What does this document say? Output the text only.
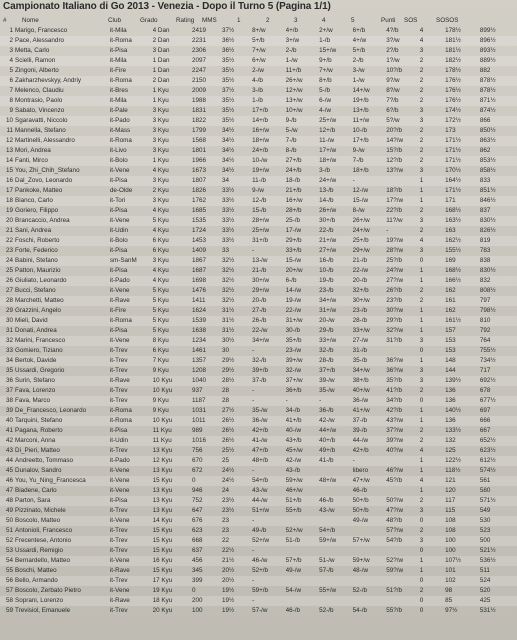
Campionato Italiano di Go 2013 - Venezia - Dopo il Turno 5 (Pagina 1/1)
# Nome	Club	Grado	Rating MMS	1	2	3	4	5	Punti SOS	SOSOS
1	Marigo, Francesco	it-Mila	4 Dan	2419	37½	8+/w	4+/b	2+/w	6+/b	4?/b	4	178½	899½
2	Pace, Alessandro	it-Roma	2 Dan	2231	36½	5+/b	3+/w	1-/b	4+/w	3?/w	4	181½	896½
3	Metta, Carlo	it-Pisa	3 Dan	2306	36½	7+/w	2-/b	15+/w	5+/b	2?/b	3	181½	893½
4	Scielli, Ramon	it-Mila	1 Dan	2097	35½	6+/w	1-/w	9+/b	2-/b	1?/w	2	182½	889½
5	Zingoni, Alberto	it-Fire	1 Dan	2247	35½	2-/w	11+/b	7+/w	3-/w	10?/b	2	178½	882
6	Zakharzhevskyy, Andriy	it-Roma	2 Dan	2150	35½	4-/b	26+/w	8+/b	1-/w	9?/w	2	176½	878½
7	Melenco, Claudiu	it-Bres	1 Kyu	2009	37½	3-/b	12+/w	5-/b	14+/w	8?/w	2	176½	878½
8	Montrasio, Paolo	it-Mila	1 Kyu	1988	35½	1-/b	13+/w	6-/w	19+/b	7?/b	2	176½	871½
9	Sabato, Vincenzo	it-Pale	3 Kyu	1831	35½	17+/b	10+/w	4-/w	13+/b	6?/b	3	174½	874½
10	Sgaravatti, Niccolo	it-Pado	3 Kyu	1822	35½	14+/b	9-/b	25+/w	11+/w	5?/w	3	172½	866
11	Mannella, Stefano	it-Mass	3 Kyu	1799	34½	16+/w	5-/w	12+/b	10-/b	20?/b	2	173	850½
12	Martinelli, Alessandro	it-Roma	3 Kyu	1568	34½	18+/w	7-/b	11-/w	17+/b	14?/w	2	171½	863½
13	Mori, Andrea	it-Livo	3 Kyu	1801	34½	24+/b	8-/b	17+/w	9-/w	15?/b	2	171½	862
14	Fanti, Mirco	it-Bolo	1 Kyu	1966	34½	10-/w	27+/b	18+/w	7-/b	12?/b	2	171½	853½
15	You, Zhi_Chih_Stefano	it-Vene	4 Kyu	1673	34½	19+/w	24+/b	3-/b	18+/b	13?/w	3	170½	858½
16	Dal_Zovo, Leonardo	it-Pisa	3 Kyu	1807	34	11-/b	18-/b	24+/w	-		1	164½	833
17	Pankoke, Matteo	de-Olde	2 Kyu	1826	33½	9-/w	21+/b	13-/b	12-/w	18?/b	1	171½	851½
18	Bianco, Carlo	it-Tori	3 Kyu	1762	33½	12-/b	16+/w	14-/b	15-/w	17?/w	1	171	846½
19	Goriero, Filippo	it-Pisa	4 Kyu	1685	33½	15-/b	28+/b	26+/w	8-/w	22?/b	2	168½	837
20	Brancaccio, Andrea	it-Vene	5 Kyu	1535	33½	28+/w	25-/b	30+/b	26+/w	11?/w	3	163½	830½
21	Sani, Andrea	it-Udin	4 Kyu	1724	33½	25+/w	17-/w	22-/b	24+/w	-	2	163	826½
22	Foschi, Roberto	it-Bolo	6 Kyu	1453	33½	31+/b	29+/b	21+/w	25+/b	19?/w	4	162½	819
23	Forte, Federico	it-Pisa	6 Kyu	1409	33	-	33+/b	27+/w	29+/w	28?/w	3	155½	783
24	Babini, Stefano	sm-SanM	3 Kyu	1867	32½	13-/w	15-/w	16-/b	21-/b	25?/b	0	169	838
25	Patton, Maurizio	it-Pisa	4 Kyu	1687	32½	21-/b	20+/w	10-/b	22-/w	24?/w	1	168½	830½
26	Giuliato, Leonardo	it-Pado	4 Kyu	1698	32½	30+/w	6-/b	19-/b	20-/b	27?/w	1	166½	832
27	Bucci, Stefano	it-Vene	5 Kyu	1476	32½	29+/w	14-/w	23-/b	32+/b	26?/b	2	162	808½
28	Marchetti, Matteo	it-Rave	5 Kyu	1411	32½	20-/b	19-/w	34+/w	30+/w	23?/b	2	161	797
29	Grazzini, Angelo	it-Fire	5 Kyu	1624	31½	27-/b	22-/w	31+/w	23-/b	30?/w	1	162	798½
30	Mieli, David	it-Roma	5 Kyu	1539	31½	26-/b	31+/w	20-/w	28-/b	29?/b	1	161½	810
31	Donati, Andrea	it-Pisa	5 Kyu	1638	31½	22-/w	30-/b	29-/b	33+/w	32?/w	1	157	792
32	Marini, Francesco	it-Vene	8 Kyu	1234	30½	34+/w	35+/b	33+/w	27-/w	31?/b	3	153	764
33	Gomiero, Tiziano	it-Trev	6 Kyu	1461	30	-	23-/w	32-/b	31-/b		0	153	755½
34	Bertok, Davide	it-Trev	7 Kyu	1357	29½	32-/b	39+/w	28-/b	35-/b	36?/w	1	148	734½
35	Ussardi, Gregorio	it-Trev	9 Kyu	1208	29½	39+/b	32-/w	37+/b	34+/w	36?/w	3	144	717
36	Surin, Stefano	it-Rave	10 Kyu	1040	28½	37-/b	37+/w	39-/w	38+/b	35?/b	3	139½	692½
37	Fava, Lorenzo	it-Trev	10 Kyu	937	28	-	36+/b	35-/w	40+/w	41?/b	2	136	678
38	Fava, Marco	it-Trev	9 Kyu	1187	28	-	-	-	36-/w	34?/b	0	136	677½
39	De_Francesco, Leonardo	it-Roma	9 Kyu	1031	27½	35-/w	34-/b	36-/b	41+/w	42?/b	1	140½	697
40	Tarquini, Stefano	it-Roma	10 Kyu	1011	26½	36-/w	41+/b	42-/w	37-/b	43?/w	1	136	666
41	Pagana, Roberto	it-Pisa	11 Kyu	989	26½	42+/b	40-/w	44+/w	39-/b	37?/w	2	133½	667
42	Marconi, Anna	it-Udin	11 Kyu	1016	26½	41-/w	43+/b	40+/b	44-/w	39?/w	2	132	652½
43	Di_Pieri, Matteo	it-Trev	13 Kyu	756	25½	47+/b	45+/w	49+/b	42+/b	40?/w	4	125	623½
44	Andreetto, Tommaso	it-Pado	12 Kyu	670	25	48+/b	42-/w	41-/b	-		1	122½	612½
45	Dunalov, Sandro	it-Vene	13 Kyu	672	24½	-	43-/b		libero	46?/w	1	118½	574½
46	You, Yu_Ning_Francesca	it-Vene	15 Kyu	0	24½	54+/b	59+/w	48+/w	47+/w	45?/b	4	121	561
47	Biadene, Carlo	it-Vene	13 Kyu	946	24	43-/w	46+/w		46-/b		1	120	580
48	Parton, Sara	it-Pisa	13 Kyu	752	23½	44-/w	51+/b	46-/b	50+/b	50?/w	2	117	571½
49	Pizzinato, Michele	it-Trev	13 Kyu	647	23½	51+/w	55+/b	43-/w	50+/b	47?/w	3	115	549
50	Boscolo, Matteo	it-Vene	14 Kyu	676	23	-			49-/w	48?/b	0	108	530
51	Antonioli, Francesco	it-Trev	15 Kyu	623	23	49-/b	52+/w	54+/b		57?/w	2	108	523
52	Frecentese, Antonio	it-Trev	15 Kyu	668	22	52+/w	51-/b	59+/w	57+/w	54?/b	3	100	500
53	Ussardi, Remigio	it-Trev	15 Kyu	637	22½	-					0	100	521½
54	Bernardello, Matteo	it-Vene	16 Kyu	456	21½	46-/w	57+/b	51-/w	59+/w	52?/w	1	107½	536½
55	Boschi, Matteo	it-Rave	15 Kyu	345	20½	52+/b	49-/w	57-/b	48-/w	59?/w	1	101	511
56	Bello, Armando	it-Trev	17 Kyu	399	20½	-					0	102	524
57	Boscolo, Zerbato Pietro	it-Vene	19 Kyu	0	19½	59+/b	54-/w	55+/w	52-/b	51?/b	2	98	520
58	Soprani, Lorenzo	it-Rave	18 Kyu	200	19½	-					0	85	425
59	Trevisiol, Emanuele	it-Trev	20 Kyu	100	19½	57-/w	46-/b	52-/b	54-/b	55?/b	0	97½	531½
